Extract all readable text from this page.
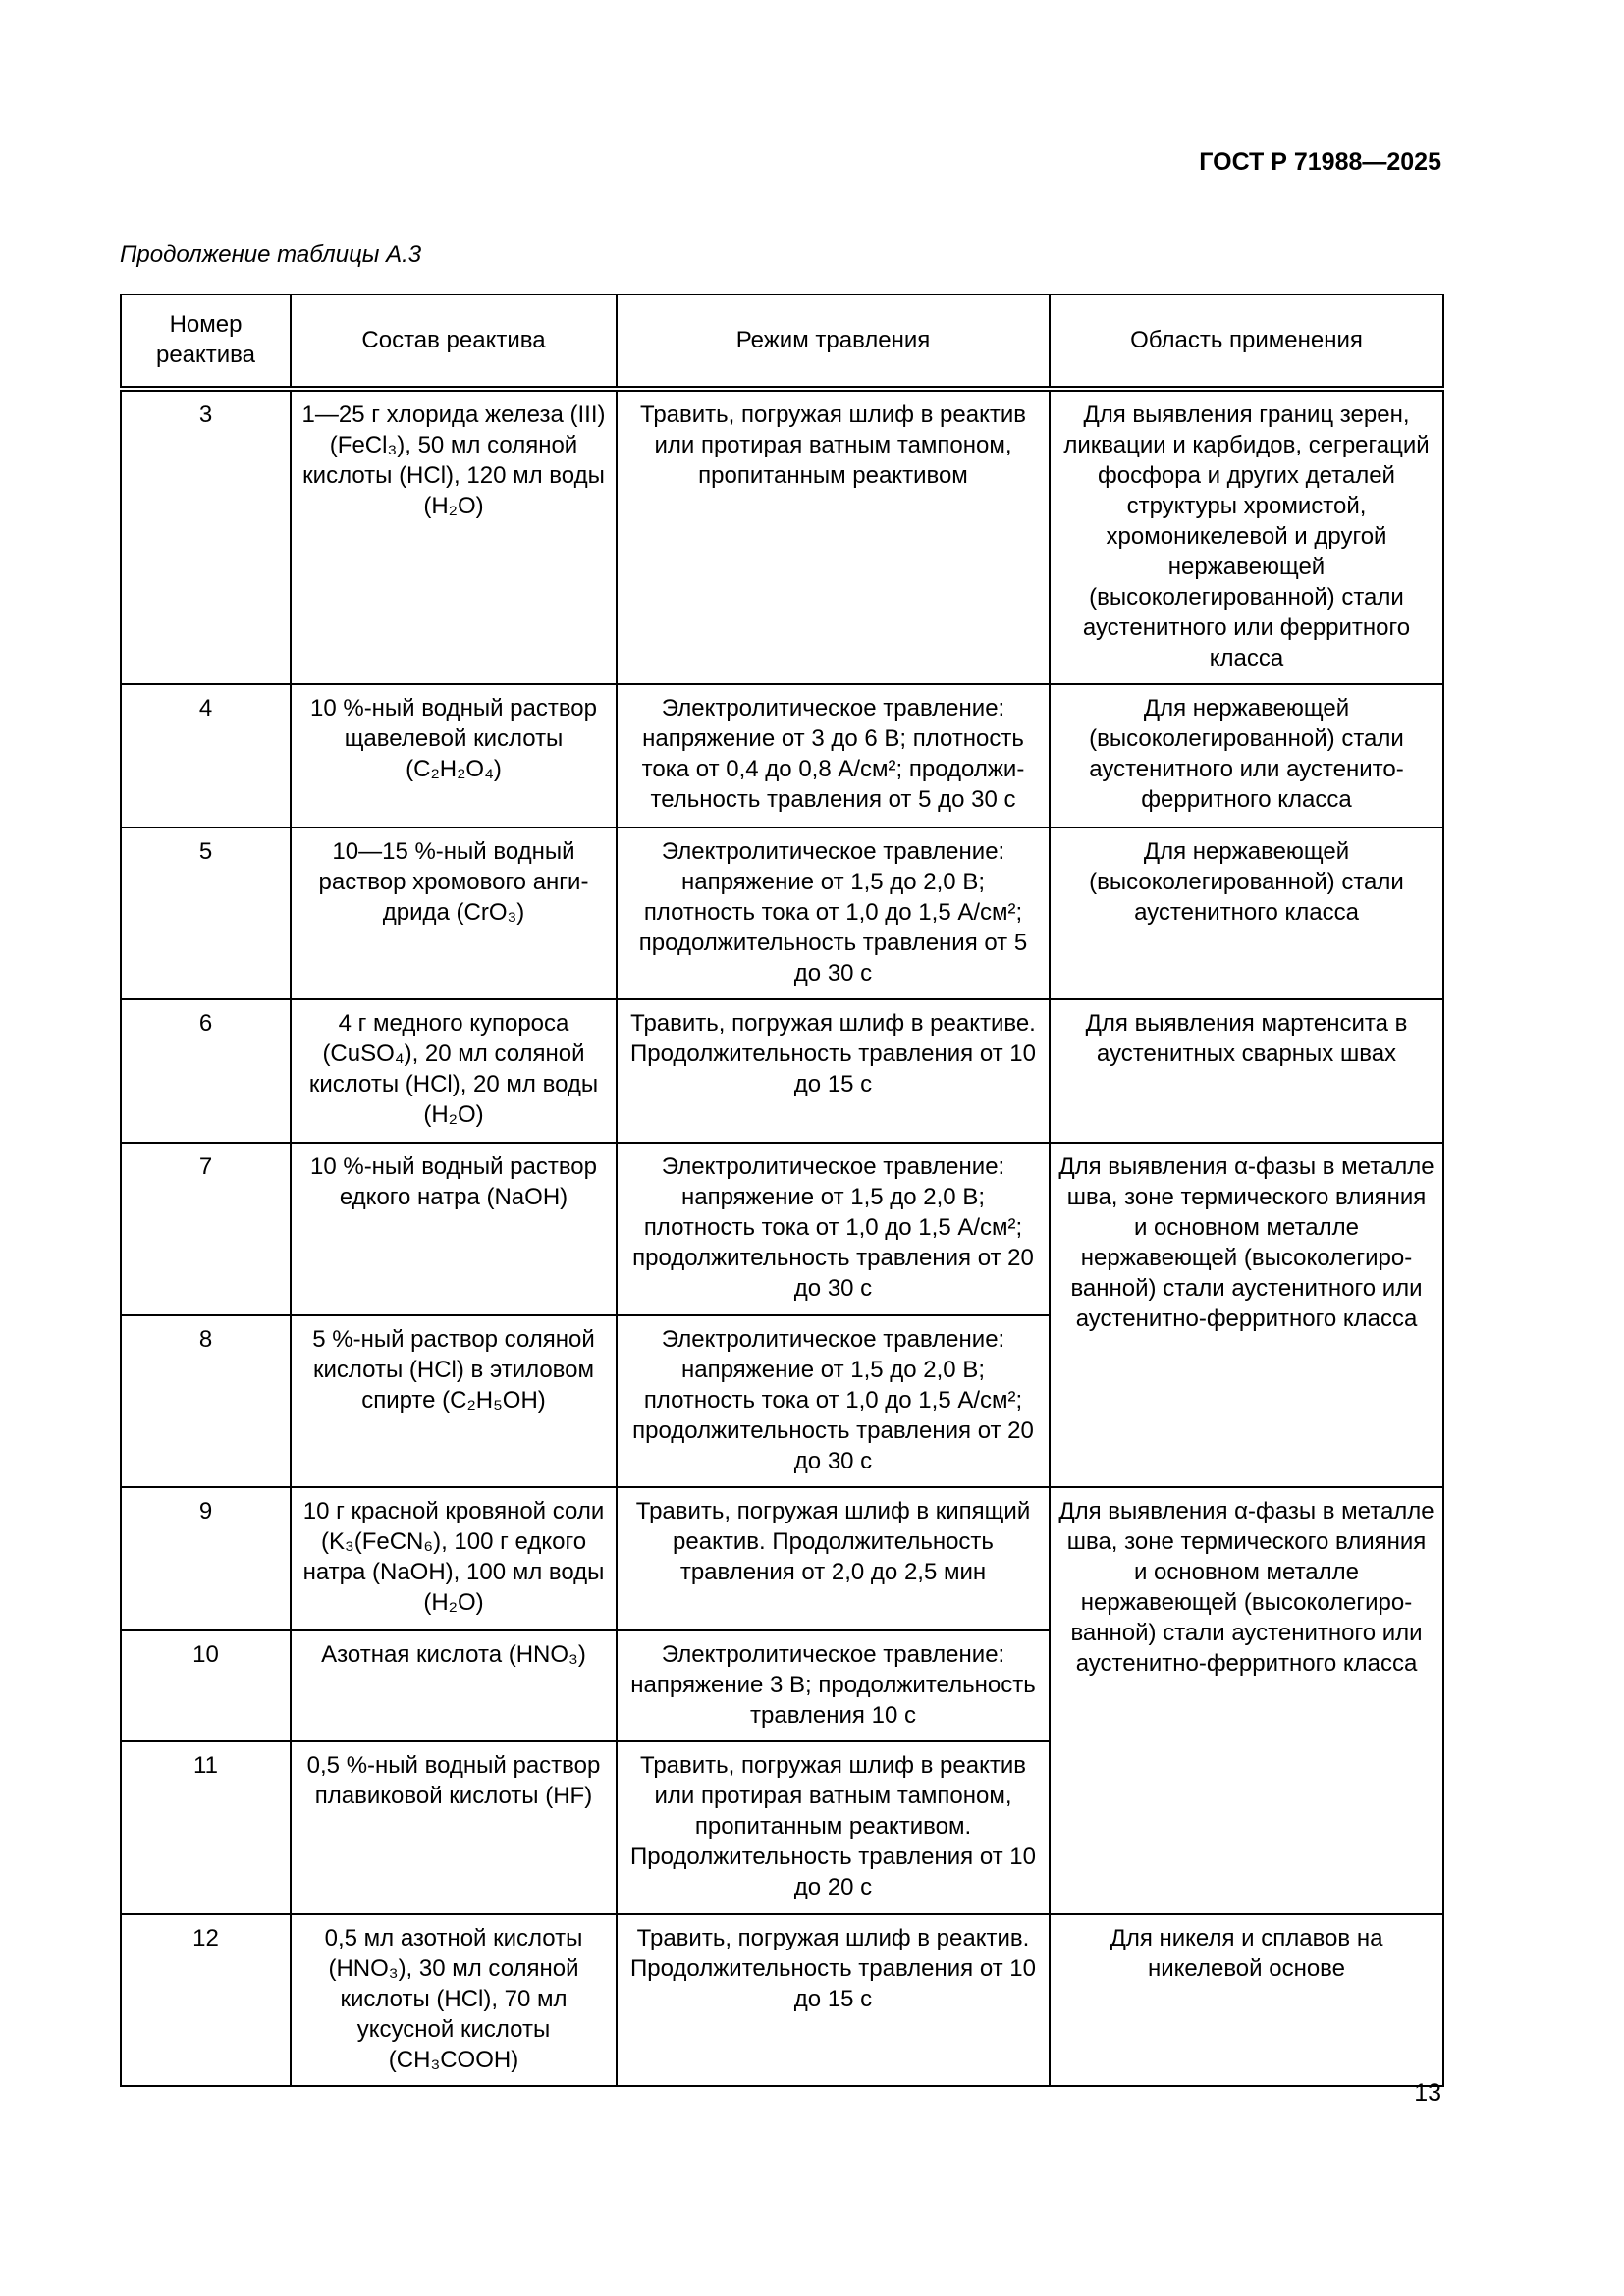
ГОСТ Р 71988—2025
Продолжение таблицы А.3
Номер реактива	Состав реактива	Режим травления	Область применения
3	1—25 г хлорида железа (III) (FeCl₃), 50 мл соляной кислоты (HCl), 120 мл воды (H₂O)	Травить, погружая шлиф в реактив или протирая ватным тампоном, пропитанным реактивом	Для выявления границ зерен, ликвации и карбидов, сегрегаций фосфора и других деталей структуры хромистой, хромоникелевой и другой нержавеющей (высоколегированной) стали аустенитного или ферритного класса
4	10 %-ный водный раствор щавелевой кислоты (C₂H₂O₄)	Электролитическое травление: напряжение от 3 до 6 В; плотность тока от 0,4 до 0,8 А/см²; продолжительность травления от 5 до 30 с	Для нержавеющей (высоколегированной) стали аустенитного или аустенито-ферритного класса
5	10—15 %-ный водный раствор хромового ангидрида (CrO₃)	Электролитическое травление: напряжение от 1,5 до 2,0 В; плотность тока от 1,0 до 1,5 А/см²; продолжительность травления от 5 до 30 с	Для нержавеющей (высоколегированной) стали аустенитного класса
6	4 г медного купороса (CuSO₄), 20 мл соляной кислоты (HCl), 20 мл воды (H₂O)	Травить, погружая шлиф в реактиве. Продолжительность травления от 10 до 15 с	Для выявления мартенсита в аустенитных сварных швах
7	10 %-ный водный раствор едкого натра (NaOH)	Электролитическое травление: напряжение от 1,5 до 2,0 В; плотность тока от 1,0 до 1,5 А/см²; продолжительность травления от 20 до 30 с	Для выявления α-фазы в металле шва, зоне термического влияния и основном металле нержавеющей (высоколегированной) стали аустенитного или аустенитно-ферритного класса
8	5 %-ный раствор соляной кислоты (HCl) в этиловом спирте (C₂H₅OH)	Электролитическое травление: напряжение от 1,5 до 2,0 В; плотность тока от 1,0 до 1,5 А/см²; продолжительность травления от 20 до 30 с	
9	10 г красной кровяной соли (K₃(FeCN₆), 100 г едкого натра (NaOH), 100 мл воды (H₂O)	Травить, погружая шлиф в кипящий реактив. Продолжительность травления от 2,0 до 2,5 мин	Для выявления α-фазы в металле шва, зоне термического влияния и основном металле нержавеющей (высоколегированной) стали аустенитного или аустенитно-ферритного класса
10	Азотная кислота (HNO₃)	Электролитическое травление: напряжение 3 В; продолжительность травления 10 с	
11	0,5 %-ный водный раствор плавиковой кислоты (HF)	Травить, погружая шлиф в реактив или протирая ватным тампоном, пропитанным реактивом. Продолжительность травления от 10 до 20 с	
12	0,5 мл азотной кислоты (HNO₃), 30 мл соляной кислоты (HCl), 70 мл уксусной кислоты (CH₃COOH)	Травить, погружая шлиф в реактив. Продолжительность травления от 10 до 15 с	Для никеля и сплавов на никелевой основе
13
